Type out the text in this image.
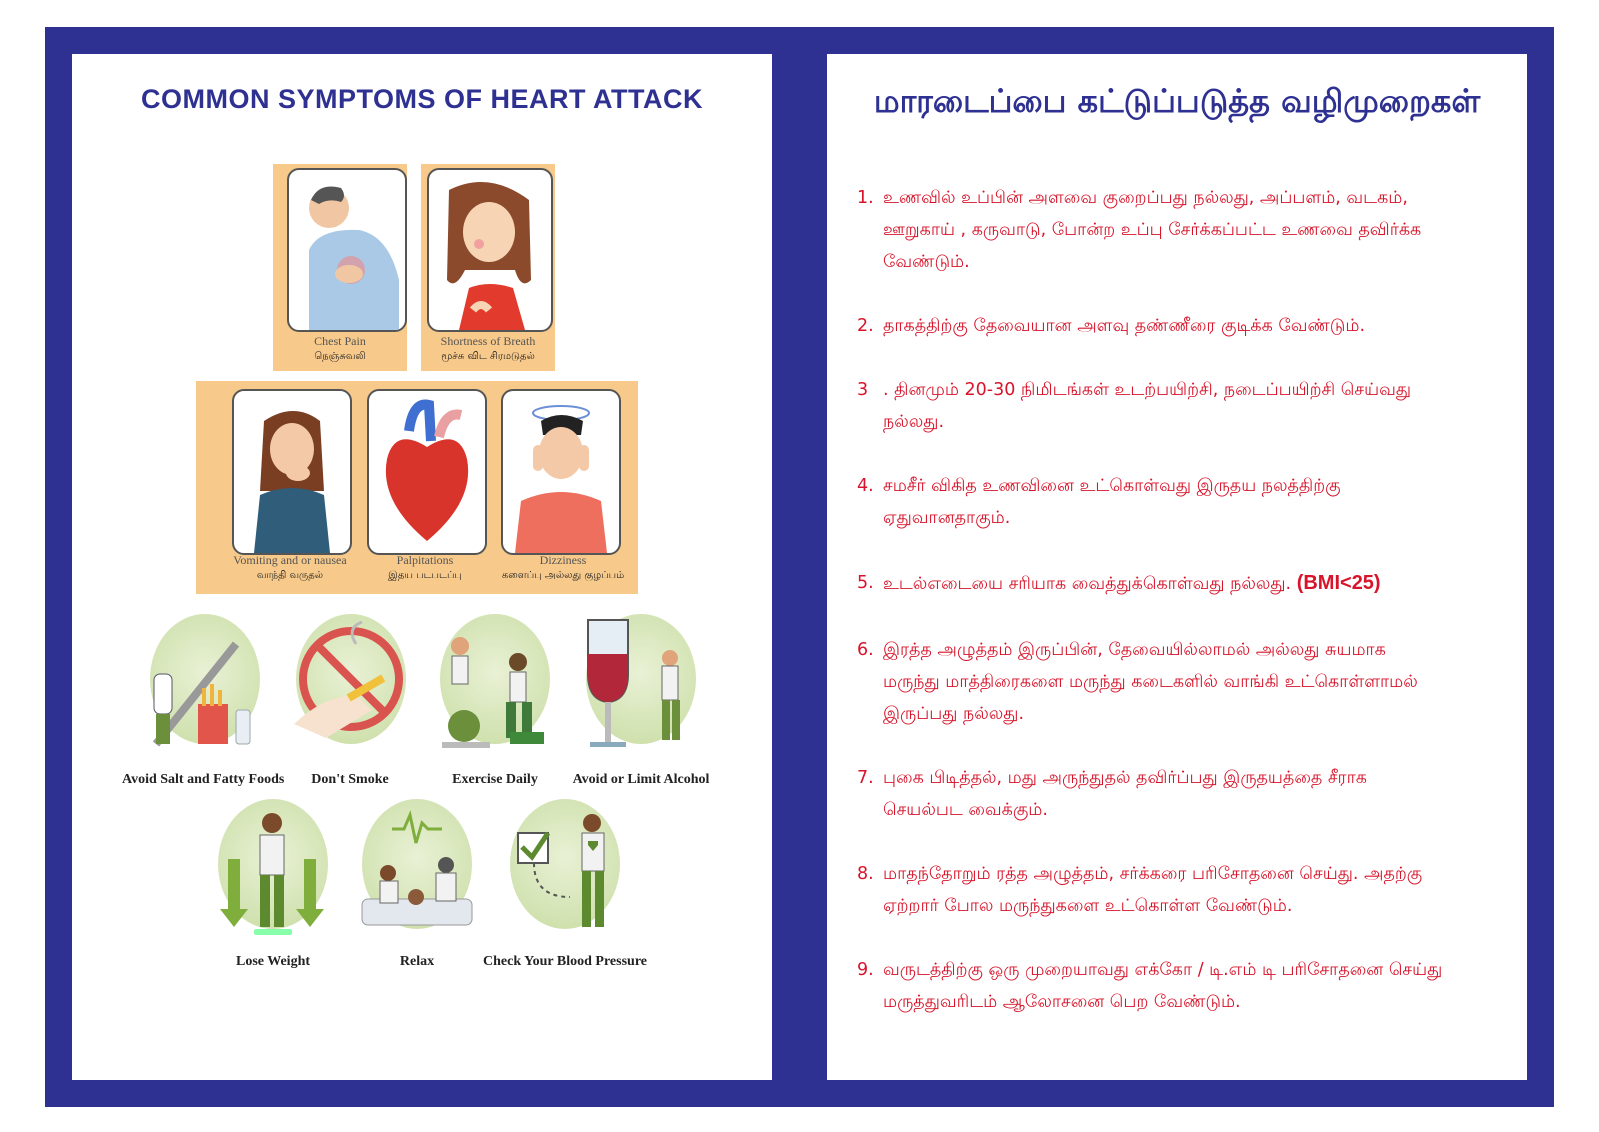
COMMON SYMPTOMS OF HEART ATTACK
Chest Pain
நெஞ்சுவலி
Shortness of Breath
மூச்சு விட சிரமடுதல்
Vomiting and or nausea
வாந்தி வருதல்
Palpitations
இதய படபடப்பு
Dizziness
களைப்பு அல்லது குழப்பம்
Avoid Salt and Fatty Foods	Don't Smoke	Exercise Daily	Avoid or Limit Alcohol
Lose Weight	Relax	Check Your Blood Pressure
மாரடைப்பை கட்டுப்படுத்த வழிமுறைகள்
1. உணவில் உப்பின் அளவை குறைப்பது நல்லது, அப்பளம், வடகம்,
ஊறுகாய் , கருவாடு, போன்ற உப்பு சேர்க்கப்பட்ட உணவை தவிர்க்க
வேண்டும்.
2. தாகத்திற்கு தேவையான அளவு தண்ணீரை குடிக்க வேண்டும்.
3 . தினமும் 20-30 நிமிடங்கள் உடற்பயிற்சி, நடைப்பயிற்சி செய்வது
நல்லது.
4. சமசீர் விகித உணவினை உட்கொள்வது இருதய நலத்திற்கு
ஏதுவானதாகும்.
5. உடல்எடையை சரியாக வைத்துக்கொள்வது நல்லது. (BMI<25)
6. இரத்த அழுத்தம் இருப்பின், தேவையில்லாமல் அல்லது சுயமாக
மருந்து மாத்திரைகளை மருந்து கடைகளில் வாங்கி உட்கொள்ளாமல்
இருப்பது நல்லது.
7. புகை பிடித்தல், மது அருந்துதல் தவிர்ப்பது இருதயத்தை சீராக
செயல்பட வைக்கும்.
8. மாதந்தோறும் ரத்த அழுத்தம், சர்க்கரை பரிசோதனை செய்து. அதற்கு
ஏற்றார் போல மருந்துகளை உட்கொள்ள வேண்டும்.
9. வருடத்திற்கு ஒரு முறையாவது எக்கோ / டி.எம் டி பரிசோதனை செய்து
மருத்துவரிடம் ஆலோசனை பெற வேண்டும்.
